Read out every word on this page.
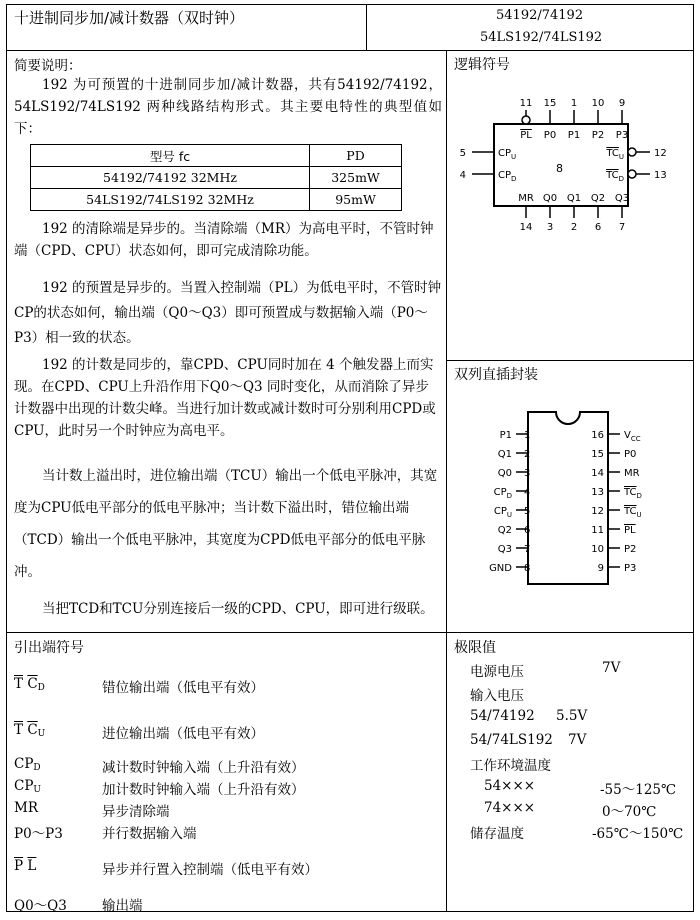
十进制同步加/减计数器（双时钟）	54192/74192
54LS192/74LS192
简要说明：
192 为可预置的十进制同步加/减计数器，共有54192/74192，54LS192/74LS192 两种线路结构形式。其主要电特性的典型值如下：
型号 fc	PD
54192/74192 32MHz	325mW
54LS192/74LS192 32MHz	95mW
192 的清除端是异步的。当清除端（MR）为高电平时，不管时钟端（CPD、CPU）状态如何，即可完成清除功能。
192 的预置是异步的。当置入控制端（PL）为低电平时，不管时钟CP的状态如何，输出端（Q0～Q3）即可预置成与数据输入端（P0～P3）相一致的状态。
192 的计数是同步的，靠CPD、CPU同时加在 4 个触发器上而实现。在CPD、CPU上升沿作用下Q0～Q3 同时变化，从而消除了异步计数器中出现的计数尖峰。当进行加计数或减计数时可分别利用CPD或CPU，此时另一个时钟应为高电平。
当计数上溢出时，进位输出端（TCU）输出一个低电平脉冲，其宽度为CPU低电平部分的低电平脉冲；当计数下溢出时，错位输出端（TCD）输出一个低电平脉冲，其宽度为CPD低电平部分的低电平脉冲。
当把TCD和TCU分别连接后一级的CPD、CPU，即可进行级联。
逻辑符号
11
PL
15
P0
1
P1
10
P2
9
P3
14
MR
3
Q0
2
Q1
6
Q2
7
Q3
5	$CP_U$
4	$CP_D$
12
$TC_U$
13
$TC_D$
8
双列直插封装
1
P1
2
Q1
3
Q0
4
$CP_D$
5
$CP_U$
6
Q2
7
Q3
8
GND
16 $V_{CC}$
15 P0
14 MR
13 $TC_D$
12 $TC_U$
11 PL
10 P2
9 P3
引出端符号
$\overline{T}$ $\overline{C}_D$	错位输出端（低电平有效）
$\overline{T}$ $\overline{C}_U$	进位输出端（低电平有效）
$CP_D$	减计数时钟输入端（上升沿有效）
$CP_U$	加计数时钟输入端（上升沿有效）
MR	异步清除端
P0～P3	并行数据输入端
$\overline{P}$ $\overline{L}$	异步并行置入控制端（低电平有效）
Q0～Q3	输出端
极限值
电源电压	7V
输入电压
54/74192 5.5V
54/74LS192 7V
工作环境温度
54×××	-55～125℃
74×××	0～70℃
储存温度	-65℃～150℃
